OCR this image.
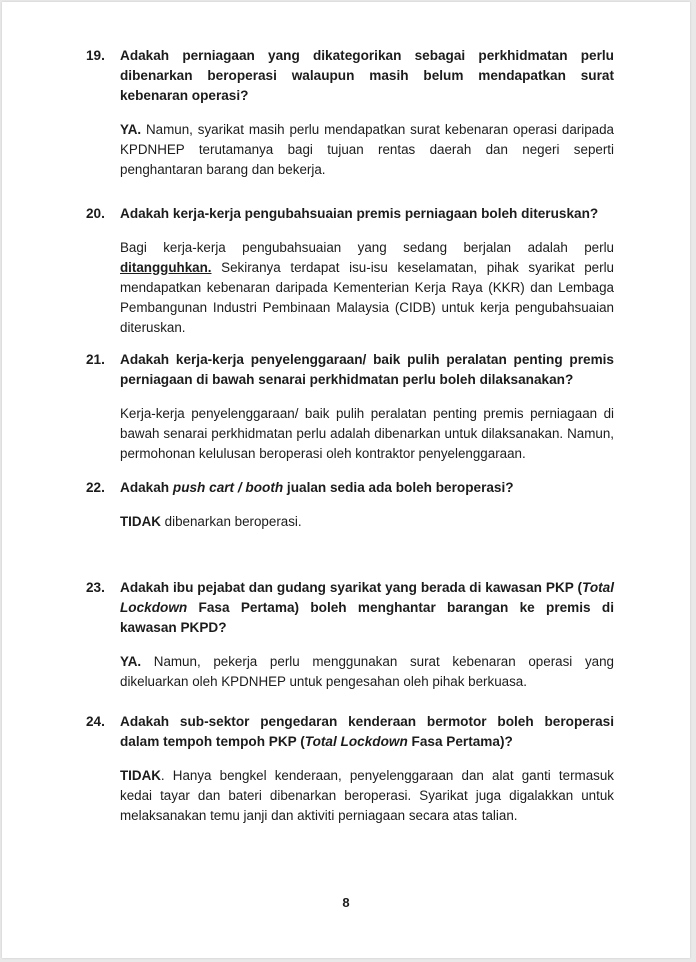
19.	Adakah perniagaan yang dikategorikan sebagai perkhidmatan perlu dibenarkan beroperasi walaupun masih belum mendapatkan surat kebenaran operasi?
YA. Namun, syarikat masih perlu mendapatkan surat kebenaran operasi daripada KPDNHEP terutamanya bagi tujuan rentas daerah dan negeri seperti penghantaran barang dan bekerja.
20.	Adakah kerja-kerja pengubahsuaian premis perniagaan boleh diteruskan?
Bagi kerja-kerja pengubahsuaian yang sedang berjalan adalah perlu ditangguhkan. Sekiranya terdapat isu-isu keselamatan, pihak syarikat perlu mendapatkan kebenaran daripada Kementerian Kerja Raya (KKR) dan Lembaga Pembangunan Industri Pembinaan Malaysia (CIDB) untuk kerja pengubahsuaian diteruskan.
21.	Adakah kerja-kerja penyelenggaraan/ baik pulih peralatan penting premis perniagaan di bawah senarai perkhidmatan perlu boleh dilaksanakan?
Kerja-kerja penyelenggaraan/ baik pulih peralatan penting premis perniagaan di bawah senarai perkhidmatan perlu adalah dibenarkan untuk dilaksanakan. Namun, permohonan kelulusan beroperasi oleh kontraktor penyelenggaraan.
22.	Adakah push cart / booth jualan sedia ada boleh beroperasi?
TIDAK dibenarkan beroperasi.
23.	Adakah ibu pejabat dan gudang syarikat yang berada di kawasan PKP (Total Lockdown Fasa Pertama) boleh menghantar barangan ke premis di kawasan PKPD?
YA. Namun, pekerja perlu menggunakan surat kebenaran operasi yang dikeluarkan oleh KPDNHEP untuk pengesahan oleh pihak berkuasa.
24.	Adakah sub-sektor pengedaran kenderaan bermotor boleh beroperasi dalam tempoh tempoh PKP (Total Lockdown Fasa Pertama)?
TIDAK. Hanya bengkel kenderaan, penyelenggaraan dan alat ganti termasuk kedai tayar dan bateri dibenarkan beroperasi. Syarikat juga digalakkan untuk melaksanakan temu janji dan aktiviti perniagaan secara atas talian.
8
